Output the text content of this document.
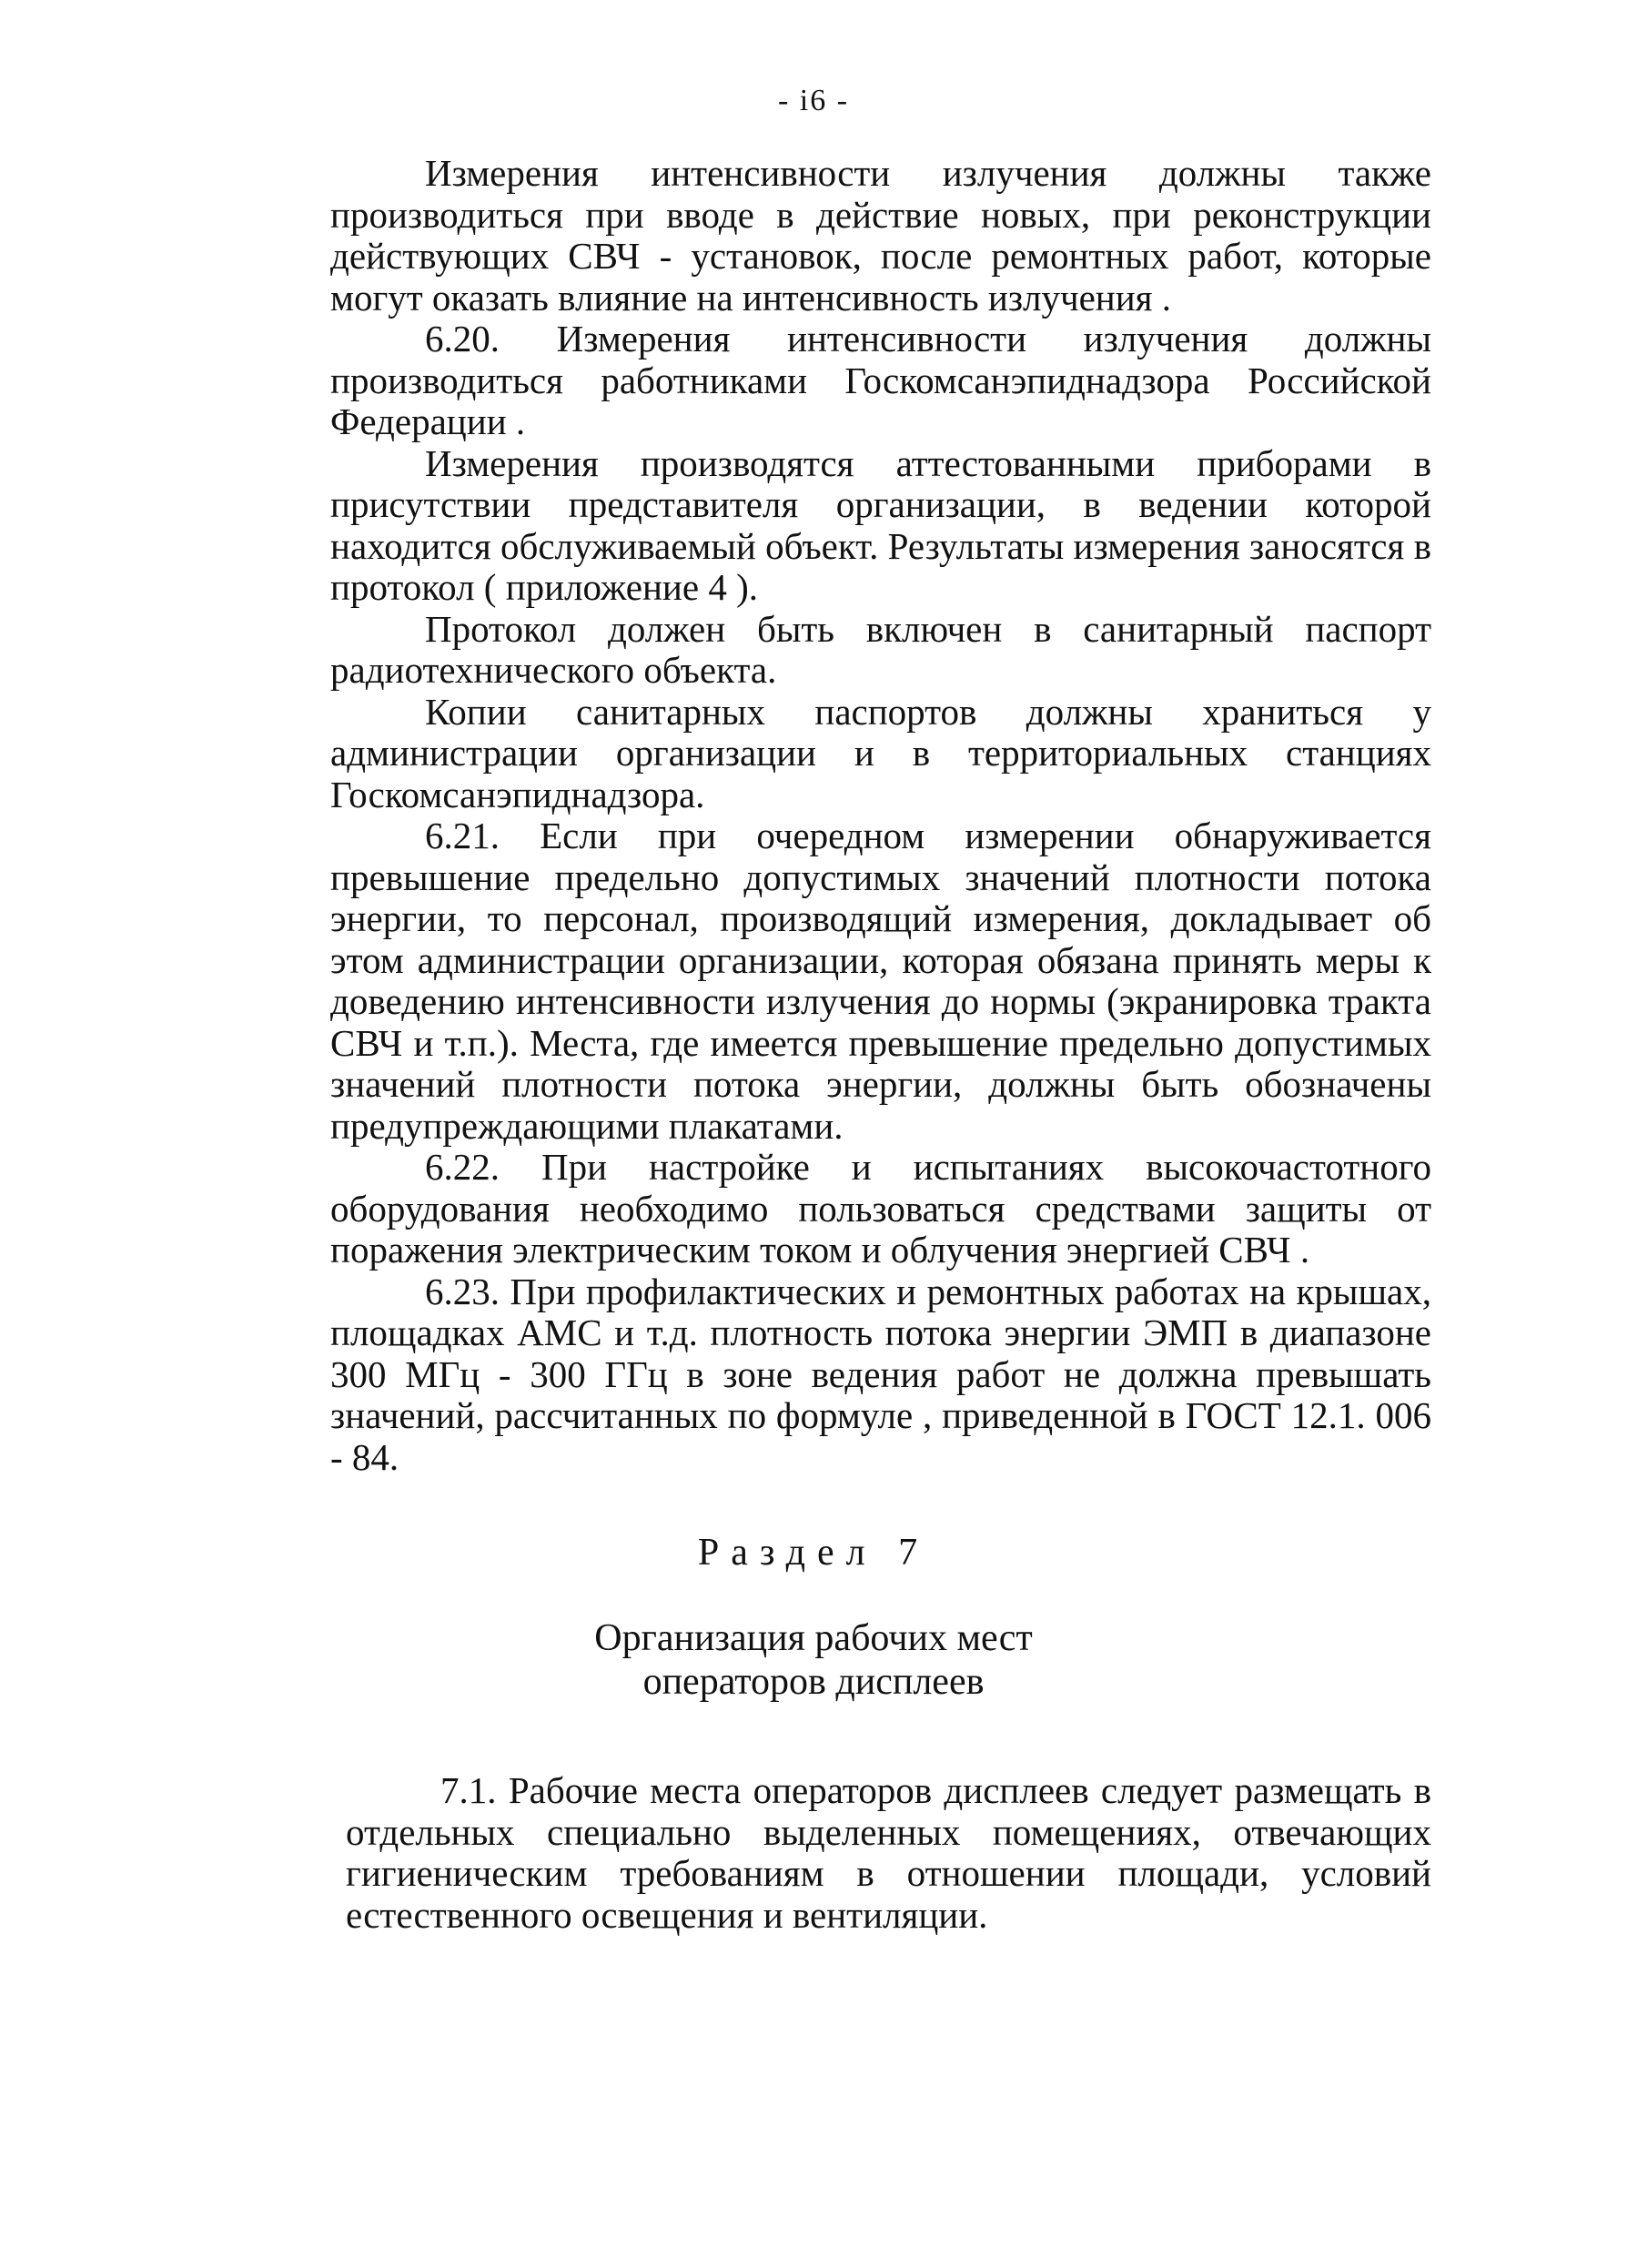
- i6 -

Измерения интенсивности излучения должны также производиться при вводе в действие новых, при реконструкции действующих СВЧ - установок, после ремонтных работ, которые могут оказать влияние на интенсивность излучения .

6.20. Измерения интенсивности излучения должны производиться работниками Госкомсанэпиднадзора Российской Федерации .

Измерения производятся аттестованными приборами в присутствии представителя организации, в ведении которой находится обслуживаемый объект. Результаты измерения заносятся в протокол ( приложение 4 ).

Протокол должен быть включен в санитарный паспорт радиотехнического объекта.

Копии санитарных паспортов должны храниться у администрации организации и в территориальных станциях Госкомсанэпиднадзора.

6.21. Если при очередном измерении обнаруживается превышение предельно допустимых значений плотности потока энергии, то персонал, производящий измерения, докладывает об этом администрации организации, которая обязана принять меры к доведению интенсивности излучения до нормы (экранировка тракта СВЧ и т.п.). Места, где имеется превышение предельно допустимых значений плотности потока энергии, должны быть обозначены предупреждающими плакатами.

6.22. При настройке и испытаниях высокочастотного оборудования необходимо пользоваться средствами защиты от поражения электрическим током и облучения энергией СВЧ .

6.23. При профилактических и ремонтных работах на крышах, площадках АМС и т.д. плотность потока энергии ЭМП в диапазоне 300 МГц - 300 ГГц в зоне ведения работ не должна превышать значений, рассчитанных по формуле , приведенной в ГОСТ 12.1. 006 - 84.

Раздел 7
Организация рабочих мест
операторов дисплеев

7.1. Рабочие места операторов дисплеев следует размещать в отдельных специально выделенных помещениях, отвечающих гигиеническим требованиям в отношении площади, условий естественного освещения и вентиляции.
